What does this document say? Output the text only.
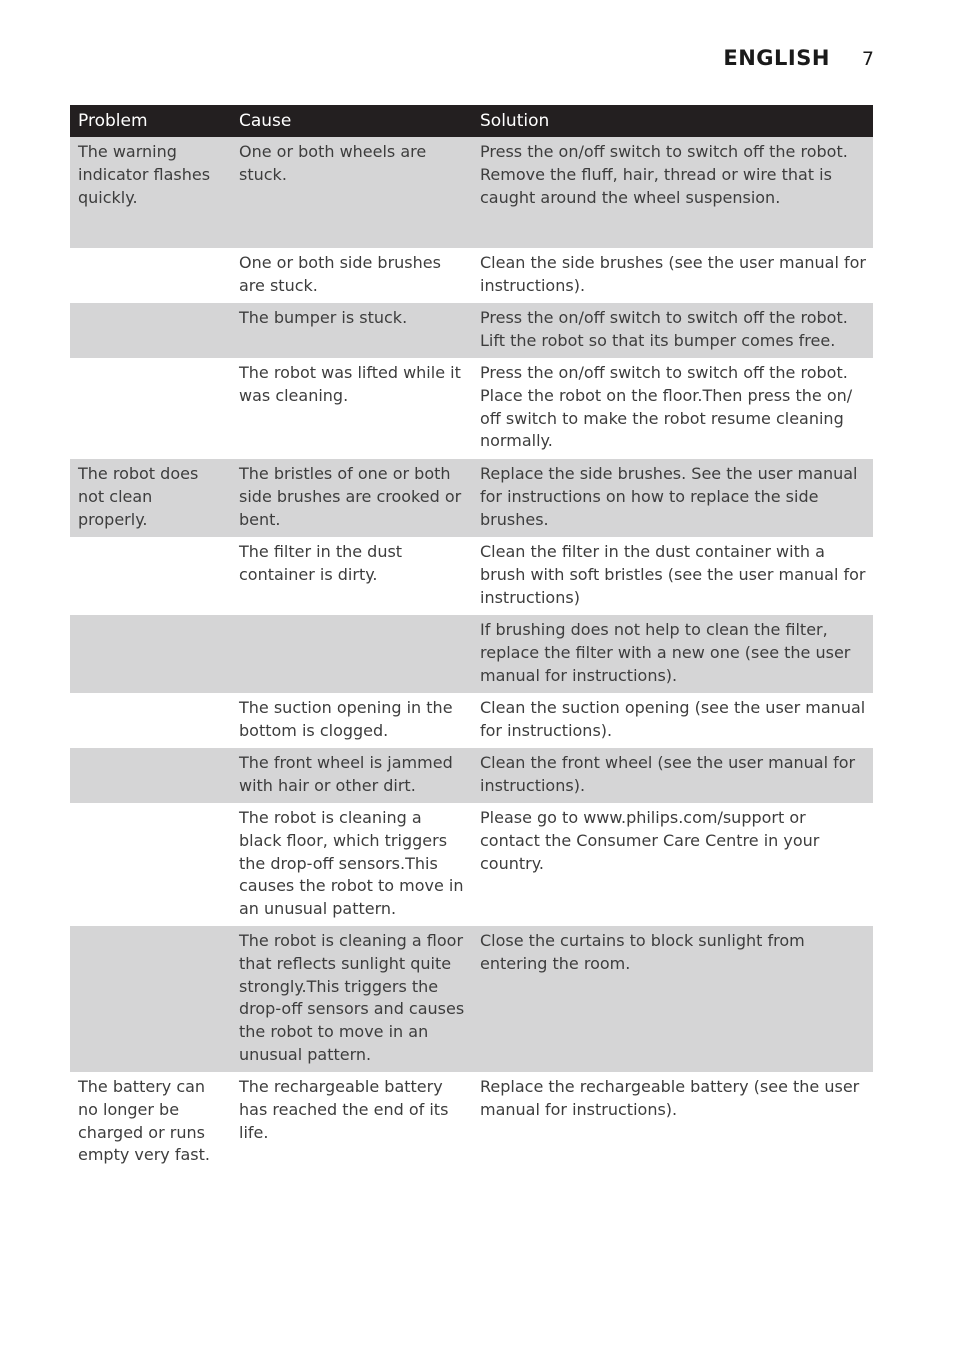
ENGLISH 7
Problem	Cause	Solution
The warning indicator flashes quickly.	One or both wheels are stuck.	Press the on/off switch to switch off the robot. Remove the fluff, hair, thread or wire that is caught around the wheel suspension.
	One or both side brushes are stuck.	Clean the side brushes (see the user manual for instructions).
	The bumper is stuck.	Press the on/off switch to switch off the robot. Lift the robot so that its bumper comes free.
	The robot was lifted while it was cleaning.	Press the on/off switch to switch off the robot. Place the robot on the floor.Then press the on/ off switch to make the robot resume cleaning normally.
The robot does not clean properly.	The bristles of one or both side brushes are crooked or bent.	Replace the side brushes. See the user manual for instructions on how to replace the side brushes.
	The filter in the dust container is dirty.	Clean the filter in the dust container with a brush with soft bristles (see the user manual for instructions)
		If brushing does not help to clean the filter, replace the filter with a new one (see the user manual for instructions).
	The suction opening in the bottom is clogged.	Clean the suction opening (see the user manual for instructions).
	The front wheel is jammed with hair or other dirt.	Clean the front wheel (see the user manual for instructions).
	The robot is cleaning a black floor, which triggers the drop-off sensors.This causes the robot to move in an unusual pattern.	Please go to www.philips.com/support or contact the Consumer Care Centre in your country.
	The robot is cleaning a floor that reflects sunlight quite strongly.This triggers the drop-off sensors and causes the robot to move in an unusual pattern.	Close the curtains to block sunlight from entering the room.
The battery can no longer be charged or runs empty very fast.	The rechargeable battery has reached the end of its life.	Replace the rechargeable battery (see the user manual for instructions).
